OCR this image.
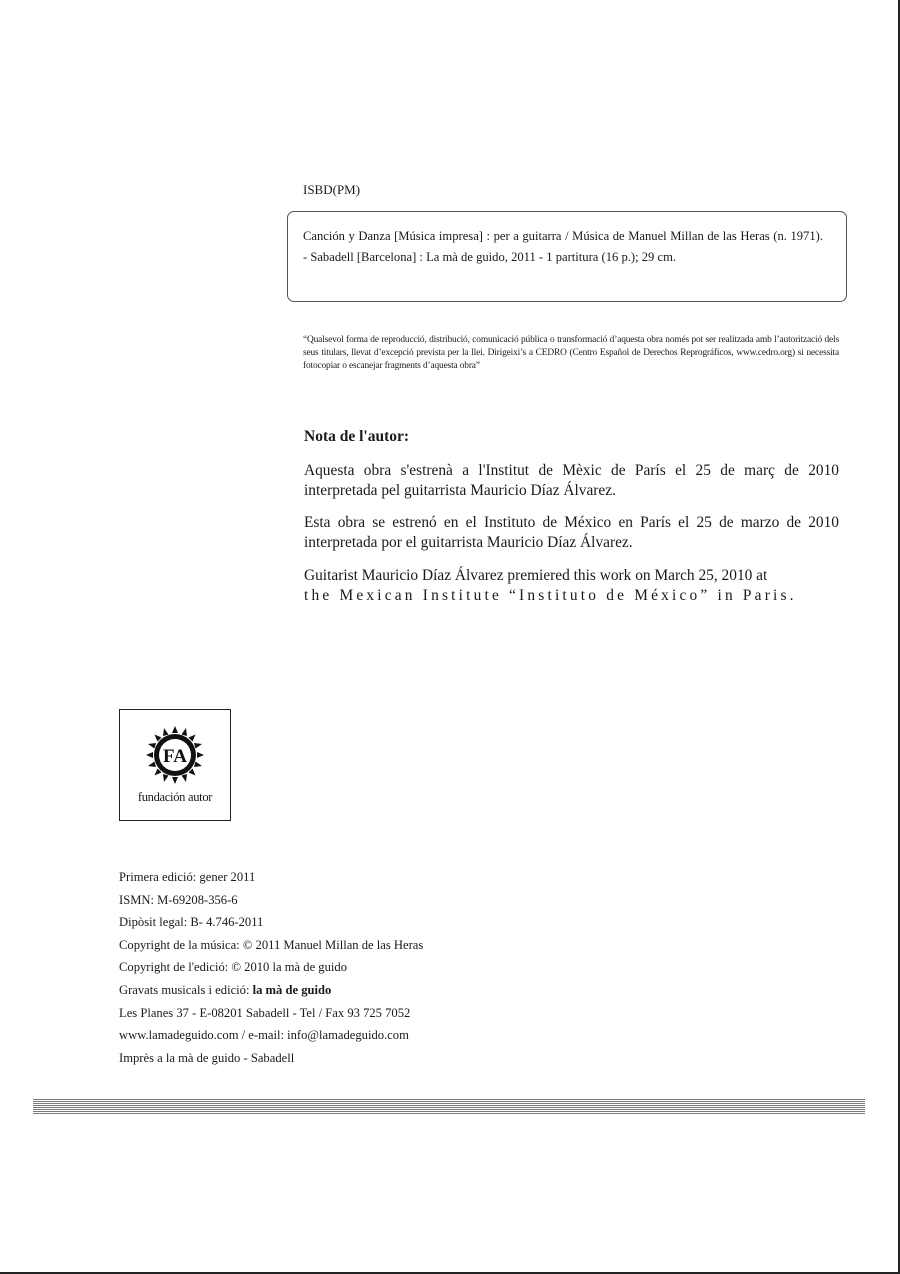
ISBD(PM)
Canción y Danza [Música impresa] : per a guitarra / Música de Manuel Millan de las Heras (n. 1971). - Sabadell [Barcelona] : La mà de guido, 2011 - 1 partitura (16 p.); 29 cm.
“Qualsevol forma de reproducció, distribució, comunicació pública o transformació d’aquesta obra només pot ser realitzada amb l’autorització dels seus titulars, llevat d’excepció prevista per la llei. Dirigeixi’s a CEDRO (Centro Español de Derechos Reprográficos, www.cedro.org) si necessita fotocopiar o escanejar fragments d’aquesta obra”
Nota de l'autor:
Aquesta obra s'estrenà a l'Institut de Mèxic de París el 25 de març de 2010 interpretada pel guitarrista Mauricio Díaz Álvarez.
Esta obra se estrenó en el Instituto de México en París el 25 de marzo de 2010 interpretada por el guitarrista Mauricio Díaz Álvarez.
Guitarist Mauricio Díaz Álvarez premiered this work on March 25, 2010 at
the Mexican Institute “Instituto de México” in Paris.
FA
fundación autor
Primera edició: gener 2011
ISMN: M-69208-356-6
Dipòsit legal: B- 4.746-2011
Copyright de la música: © 2011 Manuel Millan de las Heras
Copyright de l'edició: © 2010 la mà de guido
Gravats musicals i edició: la mà de guido
Les Planes 37 - E-08201 Sabadell - Tel / Fax 93 725 7052
www.lamadeguido.com / e-mail: info@lamadeguido.com
Imprès a la mà de guido - Sabadell
